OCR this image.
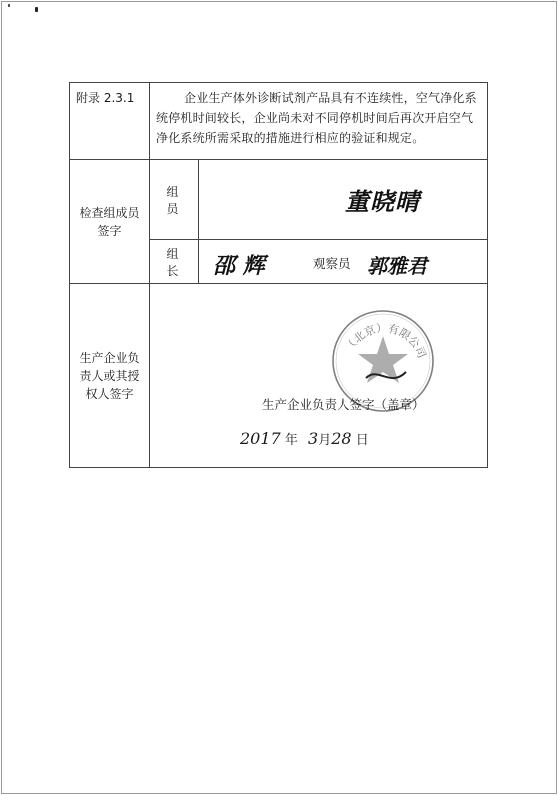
附录 2.3.1	企业生产体外诊断试剂产品具有不连续性，空气净化系统停机时间较长，企业尚未对不同停机时间后再次开启空气净化系统所需采取的措施进行相应的验证和规定。	
检查组成员签字	组 员	董晓晴

	组 长	邵 辉 观察员 郭雅君

生产企业负责人或其授权人签字	（北京）有限公司
生产企业负责人签字（盖章）
2017 年 3月28 日	
